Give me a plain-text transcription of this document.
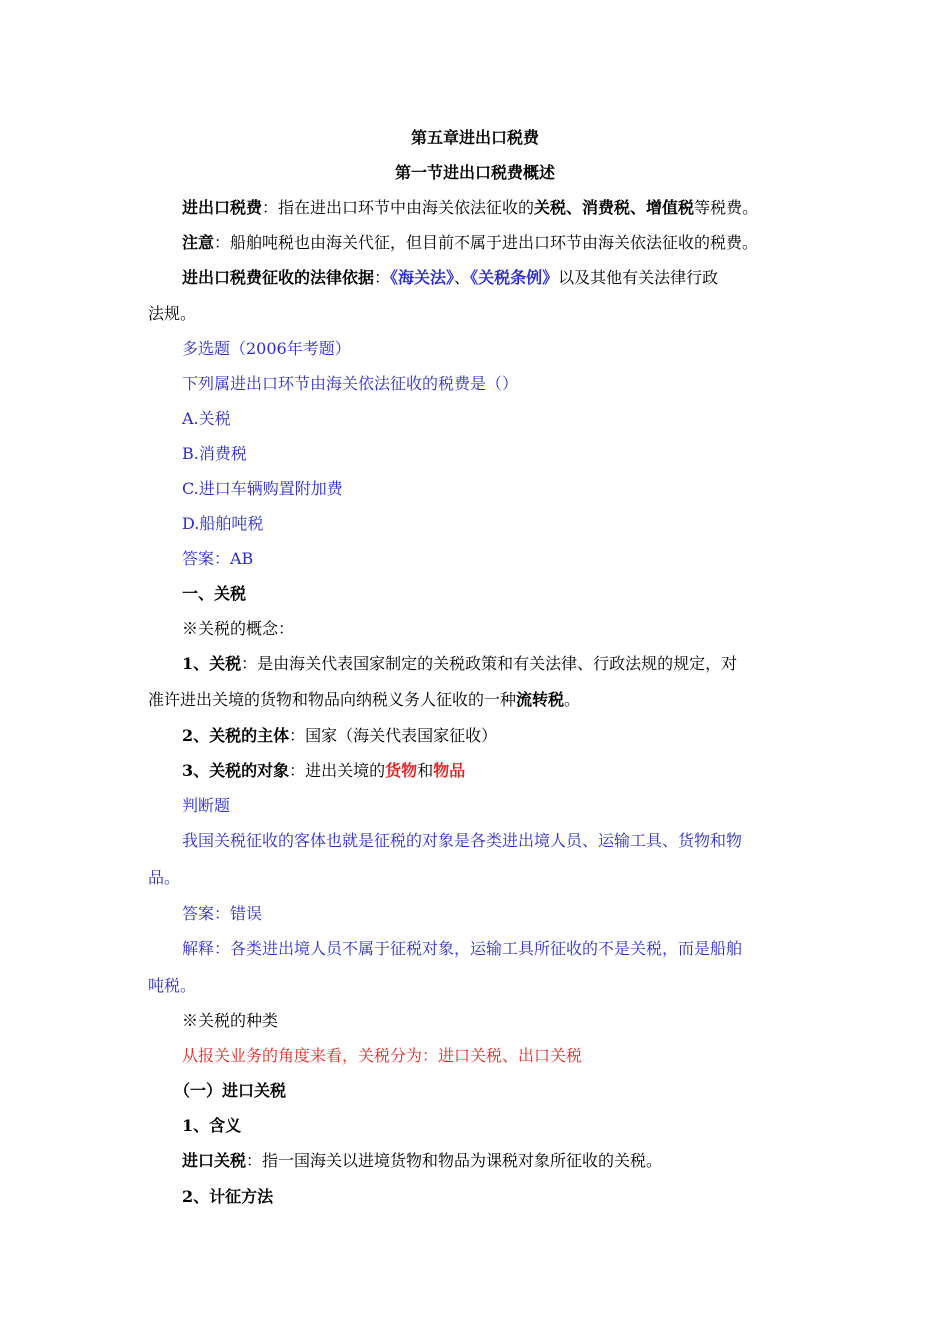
第五章进出口税费
第一节进出口税费概述
进出口税费：指在进出口环节中由海关依法征收的关税、消费税、增值税等税费。
注意：船舶吨税也由海关代征，但目前不属于进出口环节由海关依法征收的税费。
进出口税费征收的法律依据：《海关法》、《关税条例》以及其他有关法律行政
法规。
多选题（2006年考题）
下列属进出口环节由海关依法征收的税费是（）
A.关税
B.消费税
C.进口车辆购置附加费
D.船舶吨税
答案：AB
一、关税
※关税的概念：
1、关税：是由海关代表国家制定的关税政策和有关法律、行政法规的规定，对
准许进出关境的货物和物品向纳税义务人征收的一种流转税。
2、关税的主体：国家（海关代表国家征收）
3、关税的对象：进出关境的货物和物品
判断题
我国关税征收的客体也就是征税的对象是各类进出境人员、运输工具、货物和物
品。
答案：错误
解释：各类进出境人员不属于征税对象，运输工具所征收的不是关税，而是船舶
吨税。
※关税的种类
从报关业务的角度来看，关税分为：进口关税、出口关税
（一）进口关税
1、含义
进口关税：指一国海关以进境货物和物品为课税对象所征收的关税。
2、计征方法
